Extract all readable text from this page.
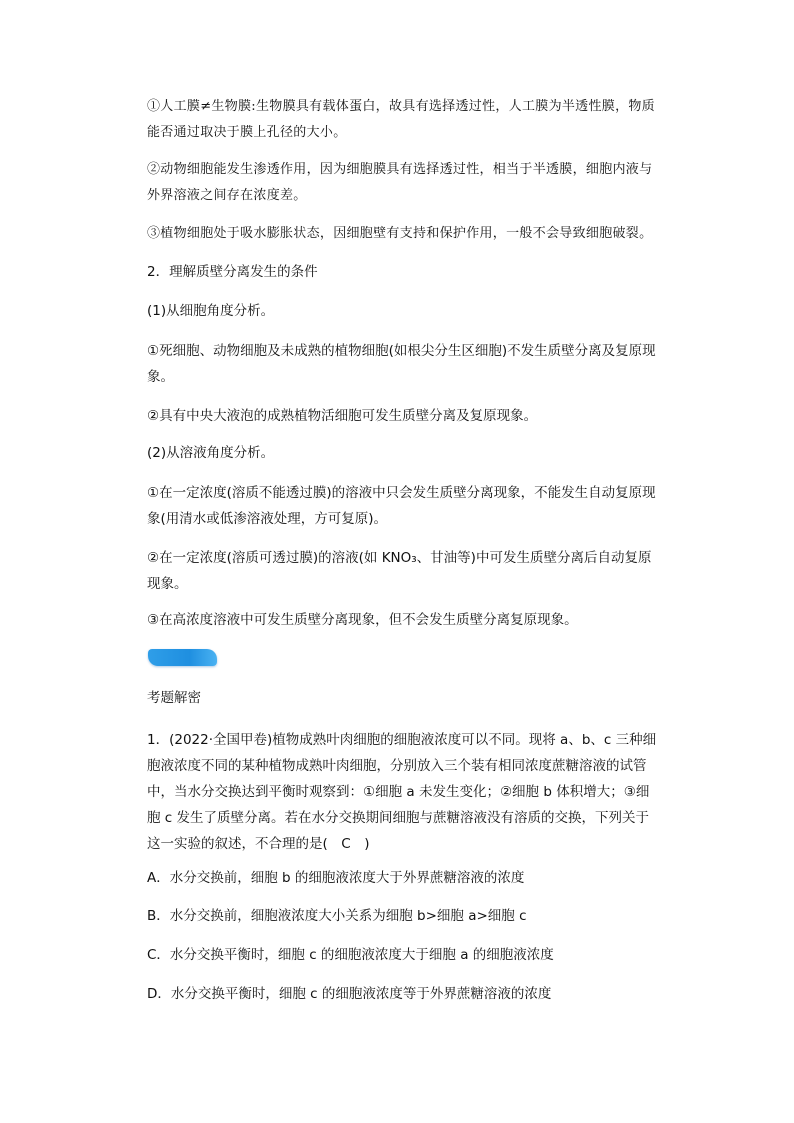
①人工膜≠生物膜:生物膜具有载体蛋白，故具有选择透过性，人工膜为半透性膜，物质能否通过取决于膜上孔径的大小。

②动物细胞能发生渗透作用，因为细胞膜具有选择透过性，相当于半透膜，细胞内液与外界溶液之间存在浓度差。

③植物细胞处于吸水膨胀状态，因细胞壁有支持和保护作用，一般不会导致细胞破裂。

2．理解质壁分离发生的条件

(1)从细胞角度分析。

①死细胞、动物细胞及未成熟的植物细胞(如根尖分生区细胞)不发生质壁分离及复原现象。

②具有中央大液泡的成熟植物活细胞可发生质壁分离及复原现象。

(2)从溶液角度分析。

①在一定浓度(溶质不能透过膜)的溶液中只会发生质壁分离现象，不能发生自动复原现象(用清水或低渗溶液处理，方可复原)。

②在一定浓度(溶质可透过膜)的溶液(如 KNO₃、甘油等)中可发生质壁分离后自动复原现象。

③在高浓度溶液中可发生质壁分离现象，但不会发生质壁分离复原现象。

考题解密

1．(2022·全国甲卷)植物成熟叶肉细胞的细胞液浓度可以不同。现将 a、b、c 三种细胞液浓度不同的某种植物成熟叶肉细胞，分别放入三个装有相同浓度蔗糖溶液的试管中，当水分交换达到平衡时观察到：①细胞 a 未发生变化；②细胞 b 体积增大；③细胞 c 发生了质壁分离。若在水分交换期间细胞与蔗糖溶液没有溶质的交换，下列关于这一实验的叙述，不合理的是(　C　)

A．水分交换前，细胞 b 的细胞液浓度大于外界蔗糖溶液的浓度

B．水分交换前，细胞液浓度大小关系为细胞 b>细胞 a>细胞 c

C．水分交换平衡时，细胞 c 的细胞液浓度大于细胞 a 的细胞液浓度

D．水分交换平衡时，细胞 c 的细胞液浓度等于外界蔗糖溶液的浓度
